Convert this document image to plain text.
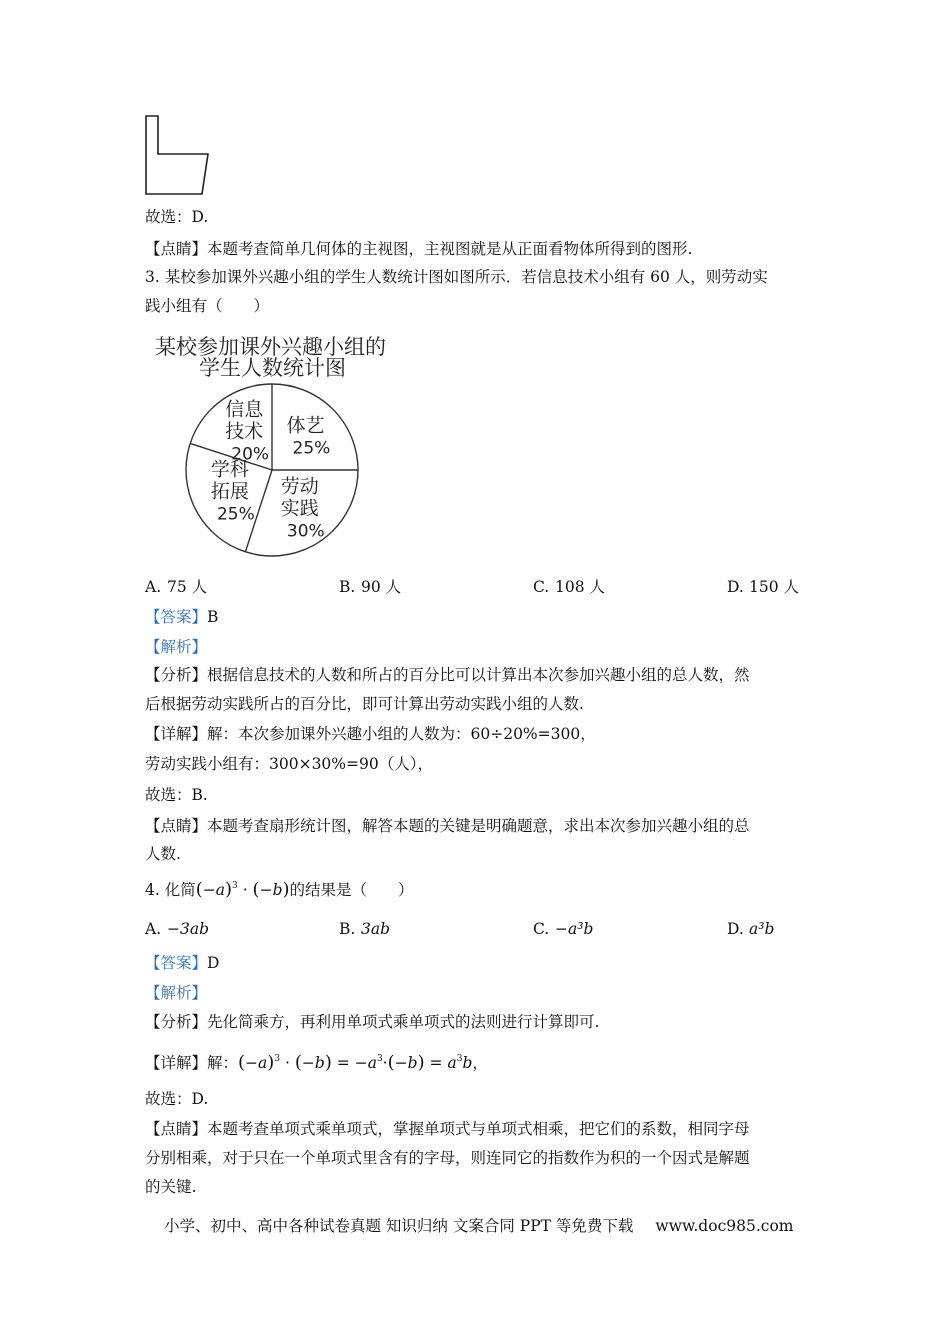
故选：D.
【点睛】本题考查简单几何体的主视图，主视图就是从正面看物体所得到的图形.
3. 某校参加课外兴趣小组的学生人数统计图如图所示．若信息技术小组有 60 人，则劳动实
践小组有（　　）
某校参加课外兴趣小组的
学生人数统计图
体艺
25%
劳动
实践
30%
学科
拓展
25%
信息
技术
20%
A. 75 人	B. 90 人	C. 108 人	D. 150 人
【答案】B
【解析】
【分析】根据信息技术的人数和所占的百分比可以计算出本次参加兴趣小组的总人数，然
后根据劳动实践所占的百分比，即可计算出劳动实践小组的人数.
【详解】解：本次参加课外兴趣小组的人数为：60÷20%=300，
劳动实践小组有：300×30%=90（人），
故选：B.
【点睛】本题考查扇形统计图，解答本题的关键是明确题意，求出本次参加兴趣小组的总
人数.
4. 化简$(-a)^3 \cdot (-b)$的结果是（　　）
A. −3ab	B. 3ab	C. −a³b	D. a³b
【答案】D
【解析】
【分析】先化简乘方，再利用单项式乘单项式的法则进行计算即可.
【详解】解：$(-a)^3 \cdot (-b) = -a^3\cdot(-b) = a^3b$，
故选：D.
【点睛】本题考查单项式乘单项式，掌握单项式与单项式相乘，把它们的系数，相同字母
分别相乘，对于只在一个单项式里含有的字母，则连同它的指数作为积的一个因式是解题
的关键.
小学、初中、高中各种试卷真题 知识归纳 文案合同 PPT 等免费下载 www.doc985.com
